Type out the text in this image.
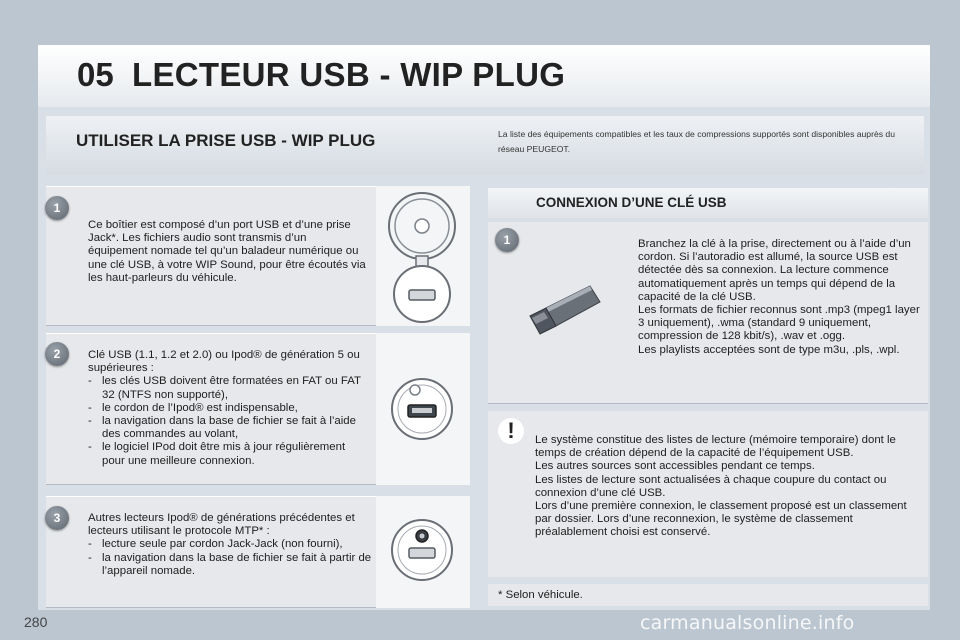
05 LECTEUR USB - WIP PLUG
UTILISER LA PRISE USB - WIP PLUG	La liste des équipements compatibles et les taux de compressions supportés sont disponibles auprès du réseau PEUGEOT.
1

Ce boîtier est composé d’un port USB et d’une prise Jack*. Les fichiers audio sont transmis d’un équipement nomade tel qu’un baladeur numérique ou une clé USB, à votre WIP Sound, pour être écoutés via les haut-parleurs du véhicule.

2	Clé USB (1.1, 1.2 et 2.0) ou Ipod® de génération 5 ou supérieures :

- les clés USB doivent être formatées en FAT ou FAT 32 (NTFS non supporté),
- le cordon de l’Ipod® est indispensable,
- la navigation dans la base de fichier se fait à l’aide des commandes au volant,
- le logiciel IPod doit être mis à jour régulièrement pour une meilleure connexion.
3	Autres lecteurs Ipod® de générations précédentes et lecteurs utilisant le protocole MTP* :

- lecture seule par cordon Jack-Jack (non fourni),
- la navigation dans la base de fichier se fait à partir de l’appareil nomade.
CONNEXION D’UNE CLÉ USB
1	Branchez la clé à la prise, directement ou à l’aide d’un cordon. Si l’autoradio est allumé, la source USB est détectée dès sa connexion. La lecture commence automatiquement après un temps qui dépend de la capacité de la clé USB.

Les formats de fichier reconnus sont .mp3 (mpeg1 layer 3 uniquement), .wma (standard 9 uniquement, compression de 128 kbit/s), .wav et .ogg.

Les playlists acceptées sont de type m3u, .pls, .wpl.

!	Le système constitue des listes de lecture (mémoire temporaire) dont le temps de création dépend de la capacité de l’équipement USB.

Les autres sources sont accessibles pendant ce temps.

Les listes de lecture sont actualisées à chaque coupure du contact ou connexion d’une clé USB.

Lors d’une première connexion, le classement proposé est un classement par dossier. Lors d’une reconnexion, le système de classement préalablement choisi est conservé.

* Selon véhicule.
280	carmanualsonline.info
